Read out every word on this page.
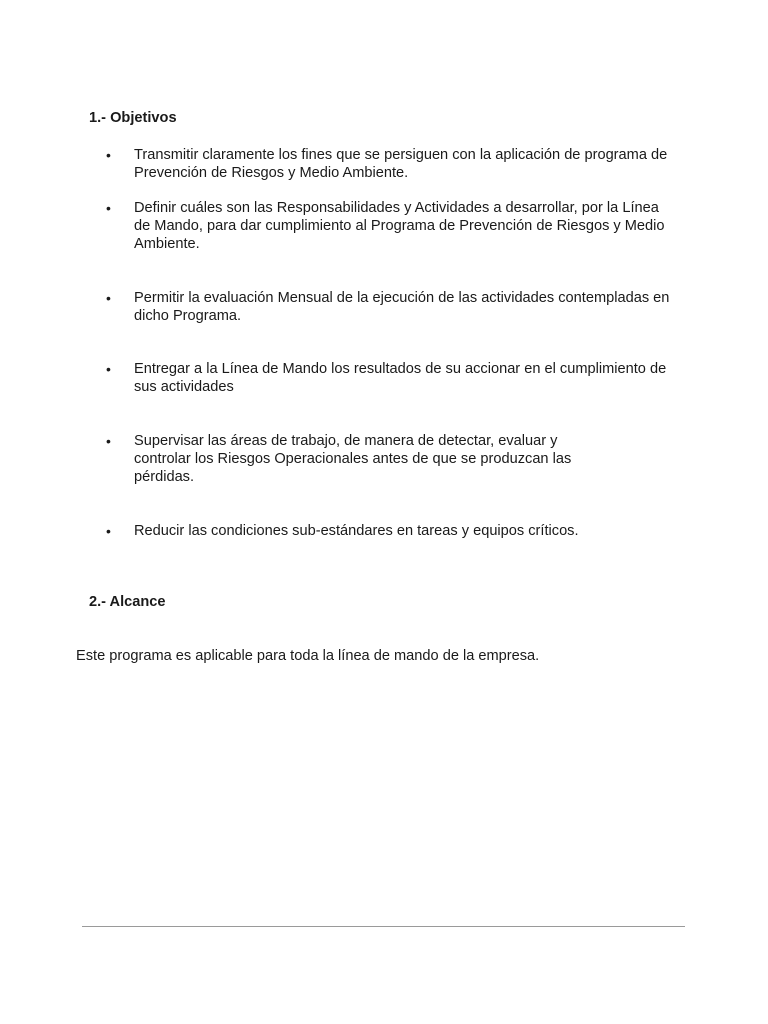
1.- Objetivos
•	Transmitir claramente los fines que se persiguen con la aplicación de programa de
Prevención de Riesgos y Medio Ambiente.
•	Definir cuáles son las Responsabilidades y Actividades a desarrollar, por la Línea
de Mando, para dar cumplimiento al Programa de Prevención de Riesgos y Medio
Ambiente.
•	Permitir la evaluación Mensual de la ejecución de las actividades contempladas en
dicho Programa.
•	Entregar a la Línea de Mando los resultados de su accionar en el cumplimiento de
sus actividades
•	Supervisar las áreas de trabajo, de manera de detectar, evaluar y
controlar los Riesgos Operacionales antes de que se produzcan las
pérdidas.
•	Reducir las condiciones sub-estándares en tareas y equipos críticos.
2.- Alcance

Este programa es aplicable para toda la línea de mando de la empresa.
